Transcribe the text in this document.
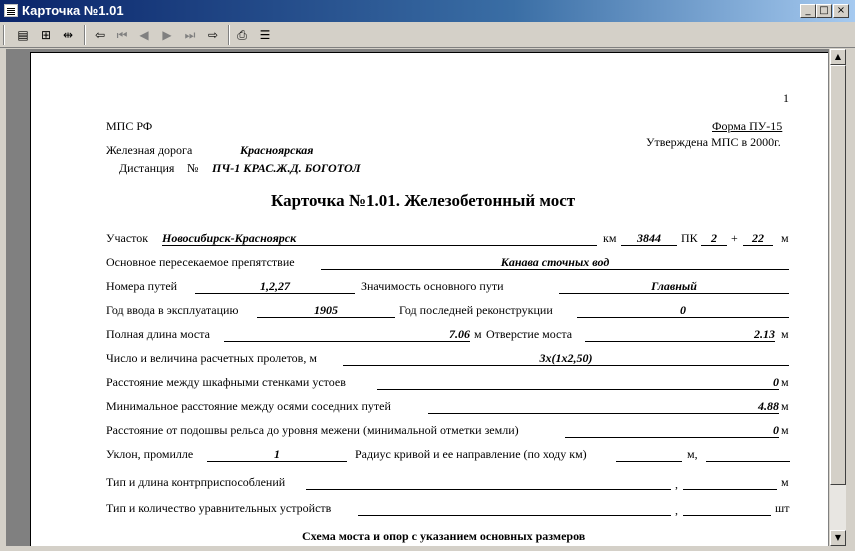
Карточка №1.01	_ □ ×
▤	⊞ ⇹	⇦ ⏮ ◀	▶	⏭	⇨	⎙	☰
1
МПС РФ	Форма ПУ-15
Утверждена МПС в 2000г.
Железная дорога	Красноярская
Дистанция № ПЧ-1 КРАС.Ж.Д. БОГОТОЛ
Карточка №1.01. Железобетонный мост
Участок Новосибирск-Красноярск	км	3844	ПК	2	+	22	м
Основное пересекаемое препятствие	Канава сточных вод
Номера путей	1,2,27	Значимость основного пути	Главный
Год ввода в эксплуатацию	1905	Год последней реконструкции	0
Полная длина моста	7.06 м Отверстие моста	2.13 м
Число и величина расчетных пролетов, м	3х(1х2,50)
Расстояние между шкафными стенками устоев	0 м
Минимальное расстояние между осями соседних путей	4.88 м
Расстояние от подошвы рельса до уровня межени (минимальной отметки земли)	0 м
Уклон, промилле	1	Радиус кривой и ее направление (по ходу км)	м,
Тип и длина контрприспособлений	,	м
Тип и количество уравнительных устройств	,	шт
Схема моста и опор с указанием основных размеров
▲
▼
